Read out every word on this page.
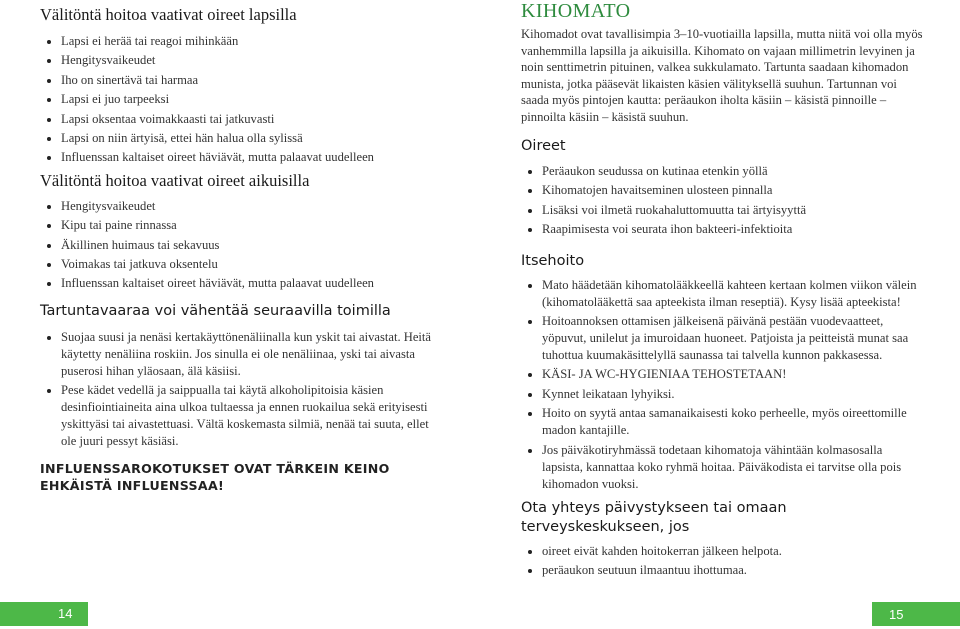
Välitöntä hoitoa vaativat oireet lapsilla
Lapsi ei herää tai reagoi mihinkään
Hengitysvaikeudet
Iho on sinertävä tai harmaa
Lapsi ei juo tarpeeksi
Lapsi oksentaa voimakkaasti tai jatkuvasti
Lapsi on niin ärtyisä, ettei hän halua olla sylissä
Influenssan kaltaiset oireet häviävät, mutta palaavat uudelleen
Välitöntä hoitoa vaativat oireet aikuisilla
Hengitysvaikeudet
Kipu tai paine rinnassa
Äkillinen huimaus tai sekavuus
Voimakas tai jatkuva oksentelu
Influenssan kaltaiset oireet häviävät, mutta palaavat uudelleen
Tartuntavaaraa voi vähentää seuraavilla toimilla
Suojaa suusi ja nenäsi kertakäyttönenäliinalla kun yskit tai aivastat. Heitä käytetty nenäliina roskiin. Jos sinulla ei ole nenäliinaa, yski tai aivasta puserosi hihan yläosaan, älä käsiisi.
Pese kädet vedellä ja saippualla tai käytä alkoholipitoisia käsien desinfiointiaineita aina ulkoa tultaessa ja ennen ruokailua sekä erityisesti yskittyäsi tai aivastettuasi. Vältä koskemasta silmiä, nenää tai suuta, ellet ole juuri pessyt käsiäsi.
INFLUENSSAROKOTUKSET OVAT TÄRKEIN KEINO EHKÄISTÄ INFLUENSSAA!
KIHOMATO

Kihomadot ovat tavallisimpia 3–10-vuotiailla lapsilla, mutta niitä voi olla myös vanhemmilla lapsilla ja aikuisilla. Kihomato on vajaan millimetrin levyinen ja noin senttimetrin pituinen, valkea sukkulamato. Tartunta saadaan kihomadon munista, jotka pääsevät likaisten käsien välityksellä suuhun. Tartunnan voi saada myös pintojen kautta: peräaukon iholta käsiin – käsistä pinnoille – pinnoilta käsiin – käsistä suuhun.

Oireet
Peräaukon seudussa on kutinaa etenkin yöllä
Kihomatojen havaitseminen ulosteen pinnalla
Lisäksi voi ilmetä ruokahaluttomuutta tai ärtyisyyttä
Raapimisesta voi seurata ihon bakteeri-infektioita
Itsehoito
Mato häädetään kihomatolääkkeellä kahteen kertaan kolmen viikon välein (kihomatolääkettä saa apteekista ilman reseptiä). Kysy lisää apteekista!
Hoitoannoksen ottamisen jälkeisenä päivänä pestään vuodevaatteet, yöpuvut, unilelut ja imuroidaan huoneet. Patjoista ja peitteistä munat saa tuhottua kuumakäsittelyllä saunassa tai talvella kunnon pakkasessa.
KÄSI- JA WC-HYGIENIAA TEHOSTETAAN!
Kynnet leikataan lyhyiksi.
Hoito on syytä antaa samanaikaisesti koko perheelle, myös oireettomille madon kantajille.
Jos päiväkotiryhmässä todetaan kihomatoja vähintään kolmasosalla lapsista, kannattaa koko ryhmä hoitaa. Päiväkodista ei tarvitse olla pois kihomadon vuoksi.
Ota yhteys päivystykseen tai omaan terveyskeskukseen, jos
oireet eivät kahden hoitokerran jälkeen helpota.
peräaukon seutuun ilmaantuu ihottumaa.
14	15
